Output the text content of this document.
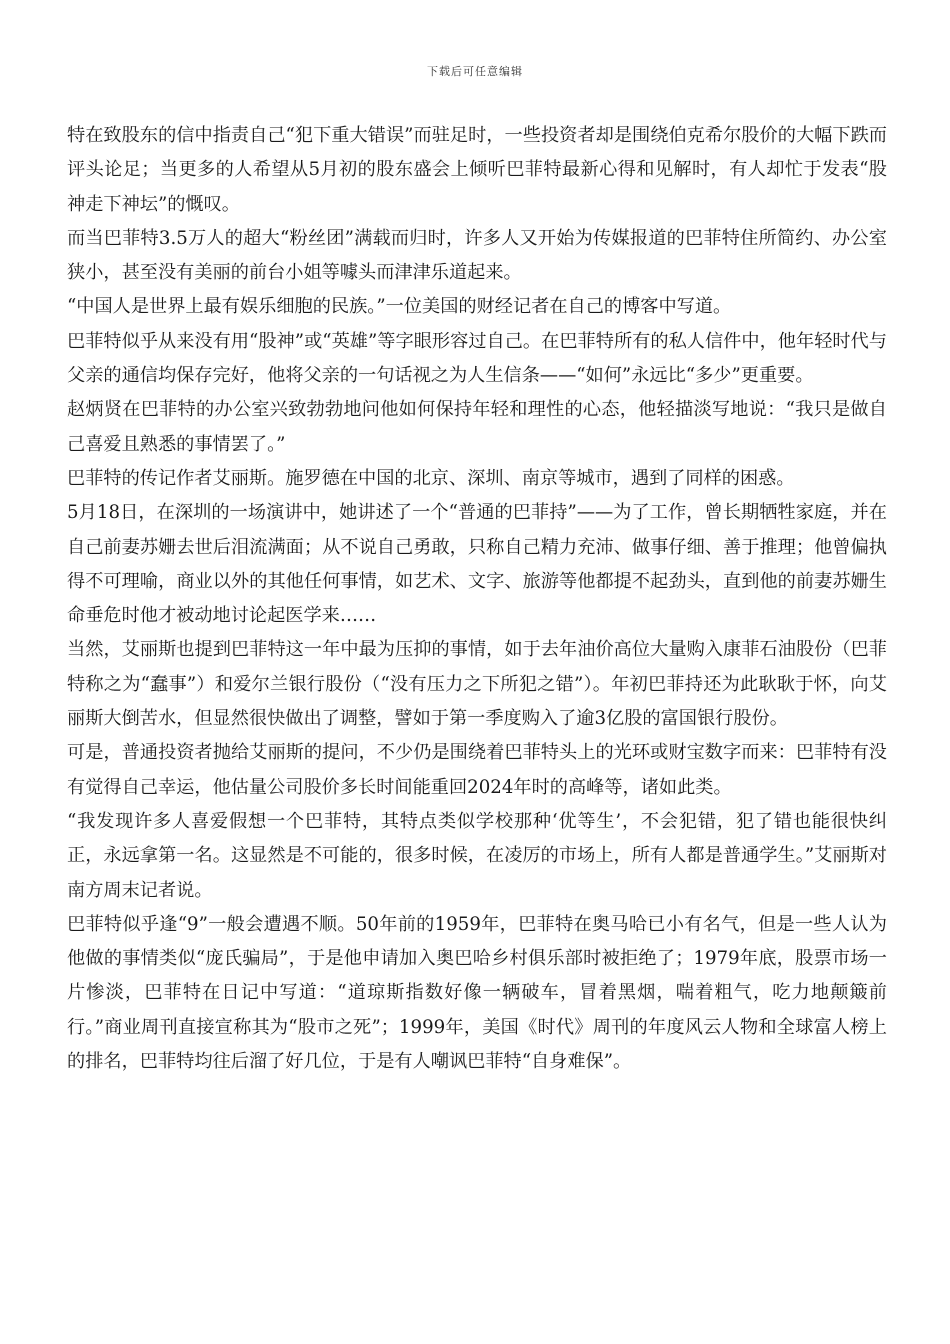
下载后可任意编辑

特在致股东的信中指责自己“犯下重大错误”而驻足时，一些投资者却是围绕伯克希尔股价的大幅下跌而评头论足；当更多的人希望从5月初的股东盛会上倾听巴菲特最新心得和见解时，有人却忙于发表“股神走下神坛”的慨叹。

而当巴菲特3.5万人的超大“粉丝团”满载而归时，许多人又开始为传媒报道的巴菲特住所简约、办公室狭小，甚至没有美丽的前台小姐等噱头而津津乐道起来。

“中国人是世界上最有娱乐细胞的民族。”一位美国的财经记者在自己的博客中写道。

巴菲特似乎从来没有用“股神”或“英雄”等字眼形容过自己。在巴菲特所有的私人信件中，他年轻时代与父亲的通信均保存完好，他将父亲的一句话视之为人生信条——“如何”永远比“多少”更重要。

赵炳贤在巴菲特的办公室兴致勃勃地问他如何保持年轻和理性的心态，他轻描淡写地说：“我只是做自己喜爱且熟悉的事情罢了。”

巴菲特的传记作者艾丽斯。施罗德在中国的北京、深圳、南京等城市，遇到了同样的困惑。

5月18日，在深圳的一场演讲中，她讲述了一个“普通的巴菲持”——为了工作，曾长期牺牲家庭，并在自己前妻苏姗去世后泪流满面；从不说自己勇敢，只称自己精力充沛、做事仔细、善于推理；他曾偏执得不可理喻，商业以外的其他任何事情，如艺术、文字、旅游等他都提不起劲头，直到他的前妻苏姗生命垂危时他才被动地讨论起医学来……

当然，艾丽斯也提到巴菲特这一年中最为压抑的事情，如于去年油价高位大量购入康菲石油股份（巴菲特称之为“蠢事”）和爱尔兰银行股份（“没有压力之下所犯之错”）。年初巴菲持还为此耿耿于怀，向艾丽斯大倒苦水，但显然很快做出了调整，譬如于第一季度购入了逾3亿股的富国银行股份。

可是，普通投资者抛给艾丽斯的提问，不少仍是围绕着巴菲特头上的光环或财宝数字而来：巴菲特有没有觉得自己幸运，他估量公司股价多长时间能重回2024年时的高峰等，诸如此类。

“我发现许多人喜爱假想一个巴菲特，其特点类似学校那种‘优等生’，不会犯错，犯了错也能很快纠正，永远拿第一名。这显然是不可能的，很多时候，在凌厉的市场上，所有人都是普通学生。”艾丽斯对南方周末记者说。

巴菲特似乎逢“9”一般会遭遇不顺。50年前的1959年，巴菲特在奥马哈已小有名气，但是一些人认为他做的事情类似“庞氏骗局”，于是他申请加入奥巴哈乡村俱乐部时被拒绝了；1979年底，股票市场一片惨淡，巴菲特在日记中写道：“道琼斯指数好像一辆破车，冒着黑烟，喘着粗气，吃力地颠簸前行。”商业周刊直接宣称其为“股市之死”；1999年，美国《时代》周刊的年度风云人物和全球富人榜上的排名，巴菲特均往后溜了好几位，于是有人嘲讽巴菲特“自身难保”。
